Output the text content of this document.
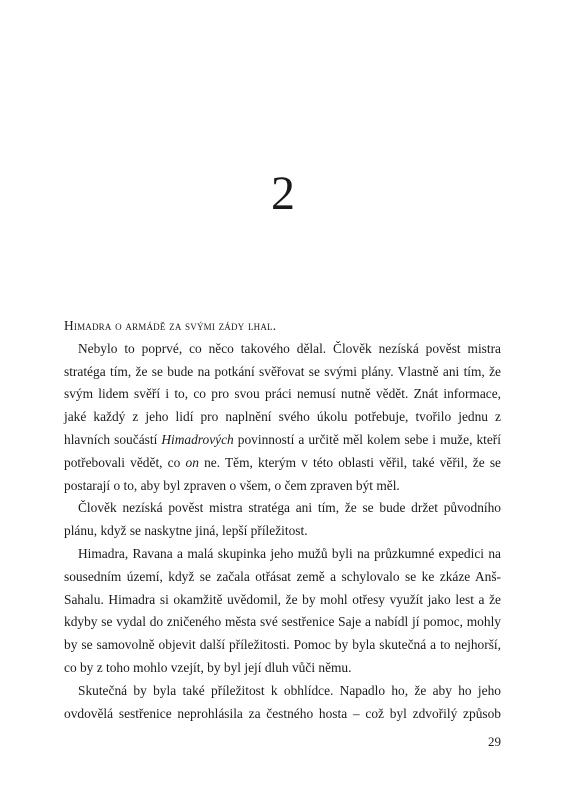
2

Himadra o armádě za svými zády lhal.

Nebylo to poprvé, co něco takového dělal. Člověk nezíská pověst mistra stratéga tím, že se bude na potkání svěřovat se svými plány. Vlastně ani tím, že svým lidem svěří i to, co pro svou práci nemusí nutně vědět. Znát informace, jaké každý z jeho lidí pro naplnění svého úkolu potřebuje, tvořilo jednu z hlavních součástí Himadrových povinností a určitě měl kolem sebe i muže, kteří potřebovali vědět, co on ne. Těm, kterým v této oblasti věřil, také věřil, že se postarají o to, aby byl zpraven o všem, o čem zpraven být měl.

Člověk nezíská pověst mistra stratéga ani tím, že se bude držet původního plánu, když se naskytne jiná, lepší příležitost.

Himadra, Ravana a malá skupinka jeho mužů byli na průzkumné expedici na sousedním území, když se začala otřásat země a schylovalo se ke zkáze Anš-Sahalu. Himadra si okamžitě uvědomil, že by mohl otřesy využít jako lest a že kdyby se vydal do zničeného města své sestřenice Saje a nabídl jí pomoc, mohly by se samovolně objevit další příležitosti. Pomoc by byla skutečná a to nejhorší, co by z toho mohlo vzejít, by byl její dluh vůči němu.

Skutečná by byla také příležitost k obhlídce. Napadlo ho, že aby ho jeho ovdovělá sestřenice neprohlásila za čestného hosta – což byl zdvořilý způsob

29
